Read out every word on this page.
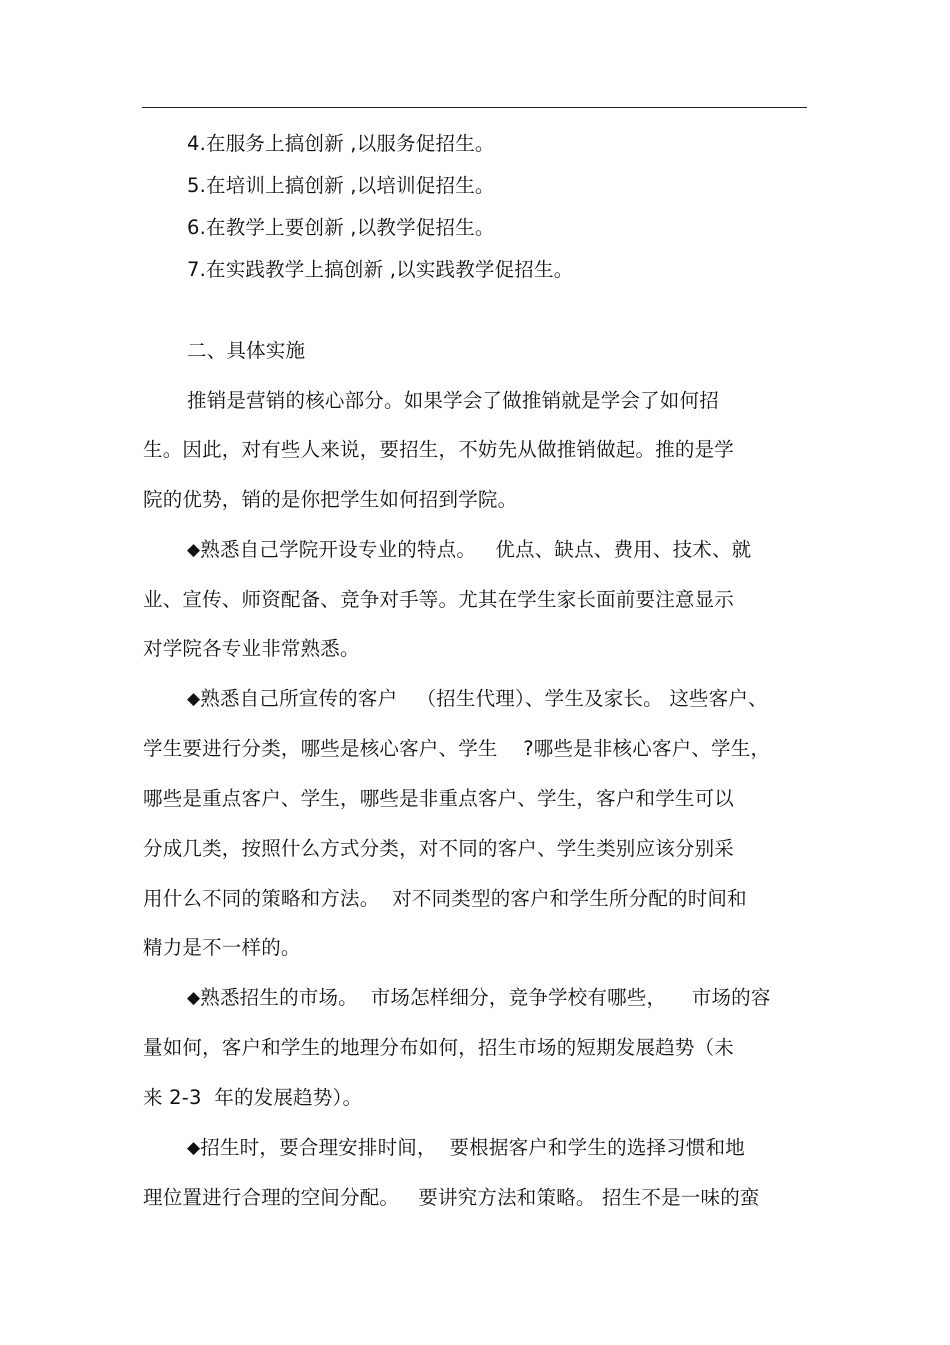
4.在服务上搞创新 ,以服务促招生。
5.在培训上搞创新 ,以培训促招生。
6.在教学上要创新 ,以教学促招生。
7.在实践教学上搞创新 ,以实践教学促招生。
二、具体实施
推销是营销的核心部分。如果学会了做推销就是学会了如何招
生。因此，对有些人来说，要招生，不妨先从做推销做起。推的是学
院的优势，销的是你把学生如何招到学院。
◆熟悉自己学院开设专业的特点。   优点、缺点、费用、技术、就
业、宣传、师资配备、竞争对手等。尤其在学生家长面前要注意显示
对学院各专业非常熟悉。
◆熟悉自己所宣传的客户   （招生代理）、学生及家长。 这些客户、
学生要进行分类，哪些是核心客户、学生    ?哪些是非核心客户、学生，
哪些是重点客户、学生，哪些是非重点客户、学生，客户和学生可以
分成几类，按照什么方式分类，对不同的客户、学生类别应该分别采
用什么不同的策略和方法。  对不同类型的客户和学生所分配的时间和
精力是不一样的。
◆熟悉招生的市场。  市场怎样细分，竞争学校有哪些，    市场的容
量如何，客户和学生的地理分布如何，招生市场的短期发展趋势（未
来 2-3  年的发展趋势）。
◆招生时，要合理安排时间，  要根据客户和学生的选择习惯和地
理位置进行合理的空间分配。   要讲究方法和策略。 招生不是一味的蛮
